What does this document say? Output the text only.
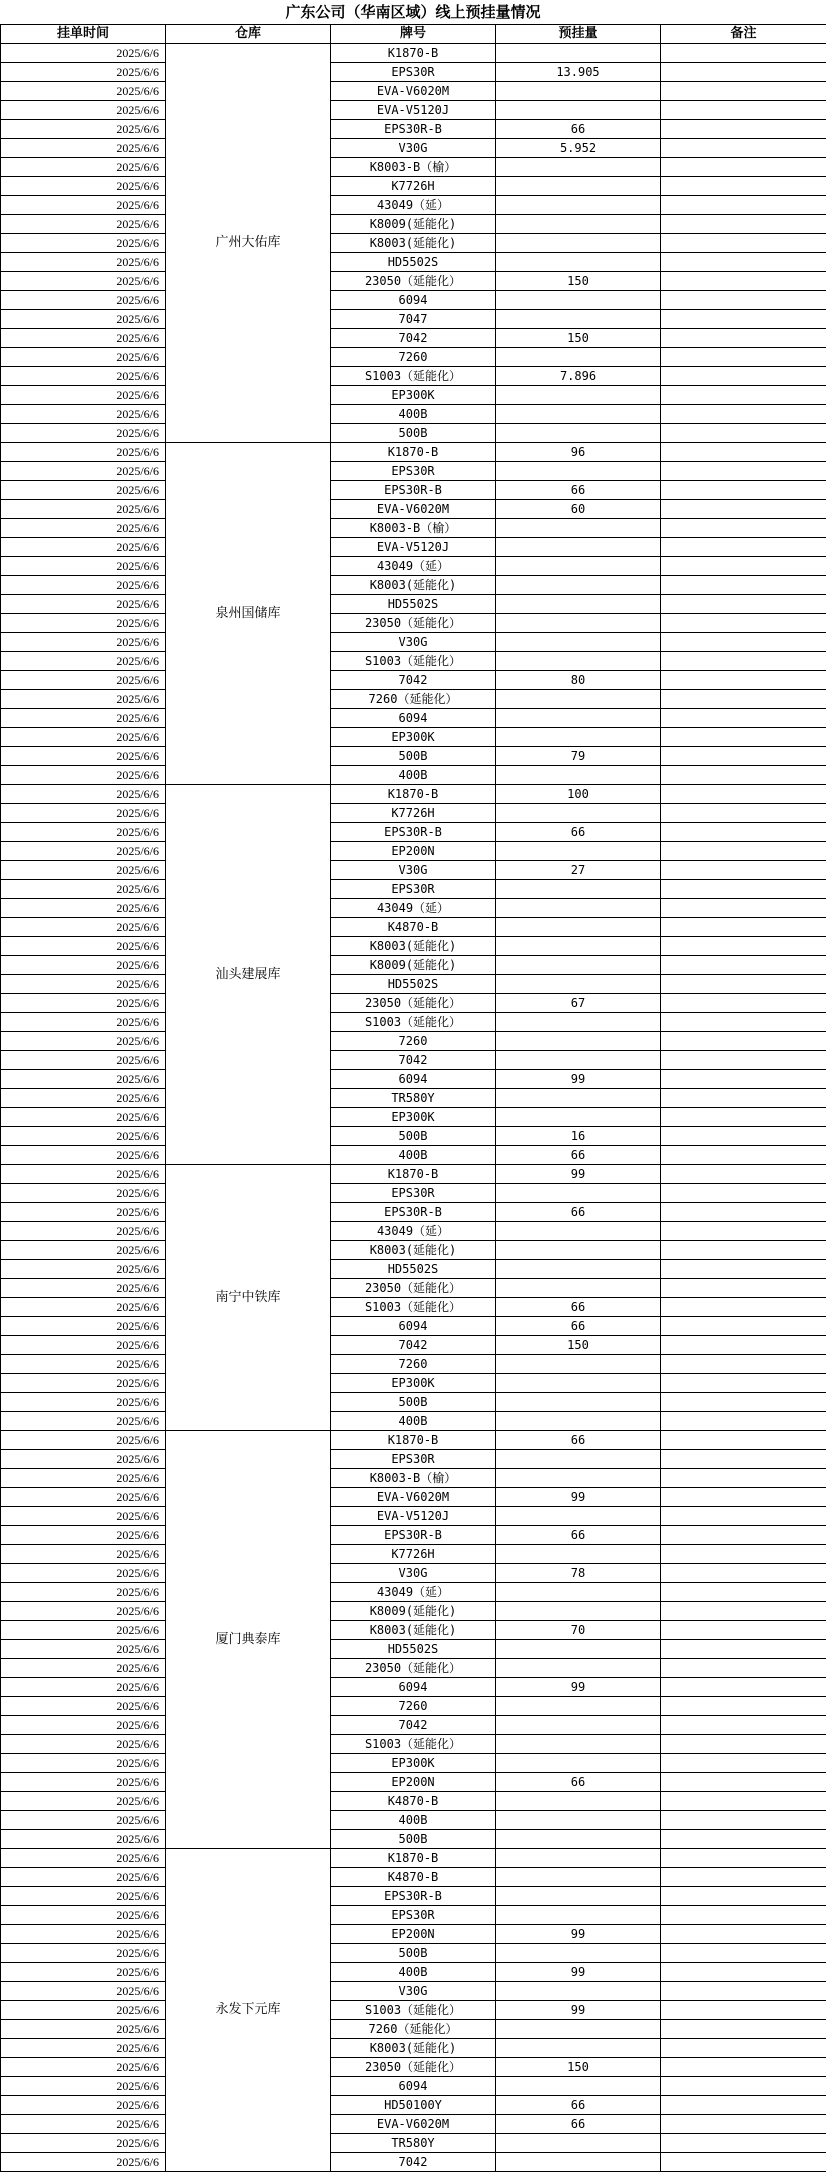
广东公司（华南区域）线上预挂量情况
挂单时间	仓库	牌号	预挂量	备注
2025/6/6	广州大佑库	K1870-B		
2025/6/6		EPS30R	13.905	
2025/6/6		EVA-V6020M		
2025/6/6		EVA-V5120J		
2025/6/6		EPS30R-B	66	
2025/6/6		V30G	5.952	
2025/6/6		K8003-B（榆）		
2025/6/6		K7726H		
2025/6/6		43049（延）		
2025/6/6		K8009(延能化)		
2025/6/6		K8003(延能化)		
2025/6/6		HD5502S		
2025/6/6		23050（延能化）	150	
2025/6/6		6094		
2025/6/6		7047		
2025/6/6		7042	150	
2025/6/6		7260		
2025/6/6		S1003（延能化）	7.896	
2025/6/6		EP300K		
2025/6/6		400B		
2025/6/6		500B		
2025/6/6	泉州国储库	K1870-B	96	
2025/6/6		EPS30R		
2025/6/6		EPS30R-B	66	
2025/6/6		EVA-V6020M	60	
2025/6/6		K8003-B（榆）		
2025/6/6		EVA-V5120J		
2025/6/6		43049（延）		
2025/6/6		K8003(延能化)		
2025/6/6		HD5502S		
2025/6/6		23050（延能化）		
2025/6/6		V30G		
2025/6/6		S1003（延能化）		
2025/6/6		7042	80	
2025/6/6		7260（延能化）		
2025/6/6		6094		
2025/6/6		EP300K		
2025/6/6		500B	79	
2025/6/6		400B		
2025/6/6	汕头建展库	K1870-B	100	
2025/6/6		K7726H		
2025/6/6		EPS30R-B	66	
2025/6/6		EP200N		
2025/6/6		V30G	27	
2025/6/6		EPS30R		
2025/6/6		43049（延）		
2025/6/6		K4870-B		
2025/6/6		K8003(延能化)		
2025/6/6		K8009(延能化)		
2025/6/6		HD5502S		
2025/6/6		23050（延能化）	67	
2025/6/6		S1003（延能化）		
2025/6/6		7260		
2025/6/6		7042		
2025/6/6		6094	99	
2025/6/6		TR580Y		
2025/6/6		EP300K		
2025/6/6		500B	16	
2025/6/6		400B	66	
2025/6/6	南宁中铁库	K1870-B	99	
2025/6/6		EPS30R		
2025/6/6		EPS30R-B	66	
2025/6/6		43049（延）		
2025/6/6		K8003(延能化)		
2025/6/6		HD5502S		
2025/6/6		23050（延能化）		
2025/6/6		S1003（延能化）	66	
2025/6/6		6094	66	
2025/6/6		7042	150	
2025/6/6		7260		
2025/6/6		EP300K		
2025/6/6		500B		
2025/6/6		400B		
2025/6/6	厦门典泰库	K1870-B	66	
2025/6/6		EPS30R		
2025/6/6		K8003-B（榆）		
2025/6/6		EVA-V6020M	99	
2025/6/6		EVA-V5120J		
2025/6/6		EPS30R-B	66	
2025/6/6		K7726H		
2025/6/6		V30G	78	
2025/6/6		43049（延）		
2025/6/6		K8009(延能化)		
2025/6/6		K8003(延能化)	70	
2025/6/6		HD5502S		
2025/6/6		23050（延能化）		
2025/6/6		6094	99	
2025/6/6		7260		
2025/6/6		7042		
2025/6/6		S1003（延能化）		
2025/6/6		EP300K		
2025/6/6		EP200N	66	
2025/6/6		K4870-B		
2025/6/6		400B		
2025/6/6		500B		
2025/6/6	永发下元库	K1870-B		
2025/6/6		K4870-B		
2025/6/6		EPS30R-B		
2025/6/6		EPS30R		
2025/6/6		EP200N	99	
2025/6/6		500B		
2025/6/6		400B	99	
2025/6/6		V30G		
2025/6/6		S1003（延能化）	99	
2025/6/6		7260（延能化）		
2025/6/6		K8003(延能化)		
2025/6/6		23050（延能化）	150	
2025/6/6		6094		
2025/6/6		HD50100Y	66	
2025/6/6		EVA-V6020M	66	
2025/6/6		TR580Y		
2025/6/6		7042		
